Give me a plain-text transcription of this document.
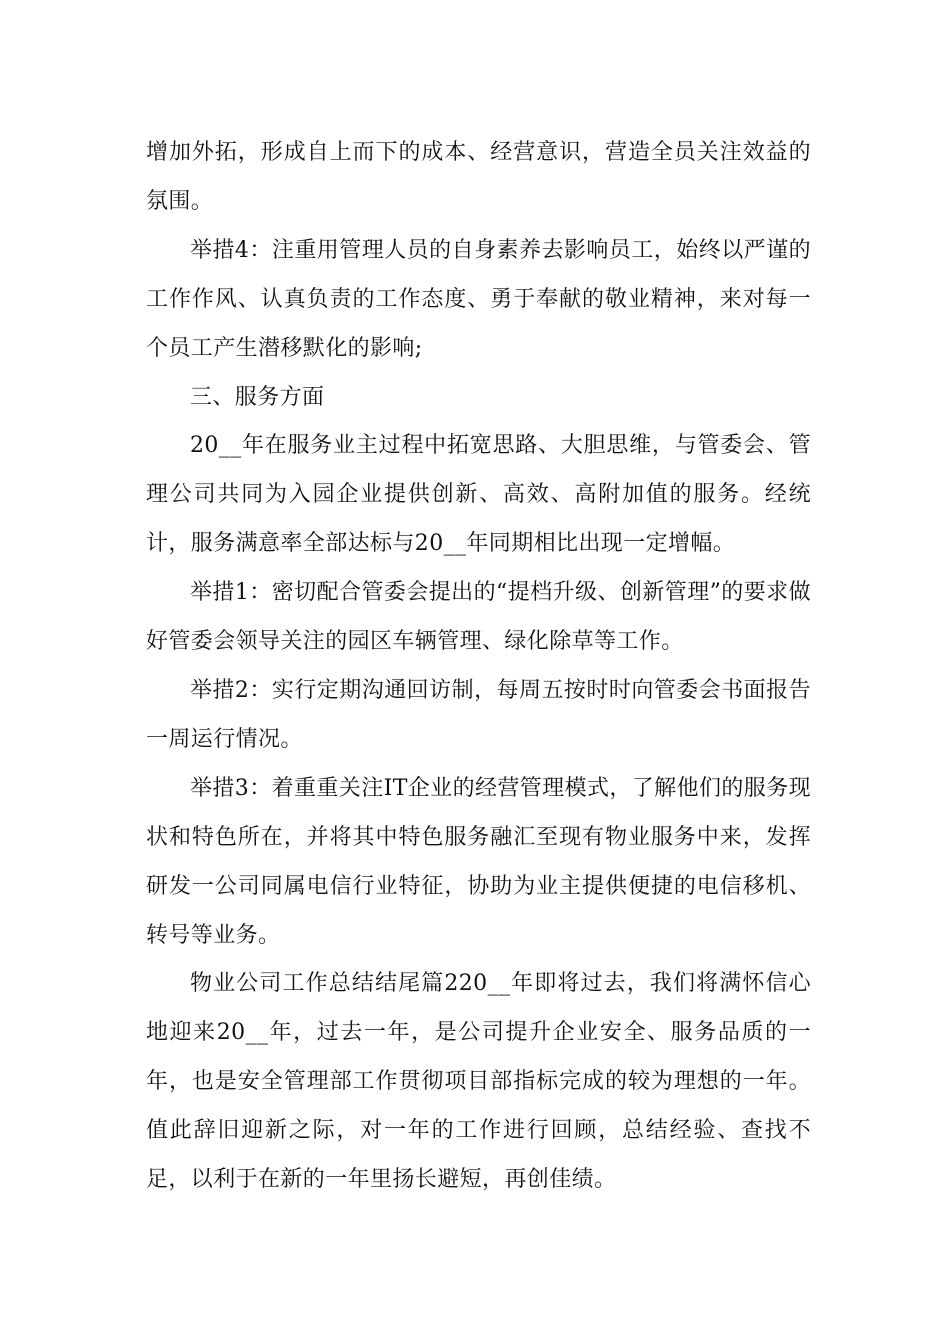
增加外拓，形成自上而下的成本、经营意识，营造全员关注效益的氛围。

举措4：注重用管理人员的自身素养去影响员工，始终以严谨的工作作风、认真负责的工作态度、勇于奉献的敬业精神，来对每一个员工产生潜移默化的影响;

三、服务方面

20__年在服务业主过程中拓宽思路、大胆思维，与管委会、管理公司共同为入园企业提供创新、高效、高附加值的服务。经统计，服务满意率全部达标与20__年同期相比出现一定增幅。

举措1：密切配合管委会提出的“提档升级、创新管理”的要求做好管委会领导关注的园区车辆管理、绿化除草等工作。

举措2：实行定期沟通回访制，每周五按时时向管委会书面报告一周运行情况。

举措3：着重重关注IT企业的经营管理模式，了解他们的服务现状和特色所在，并将其中特色服务融汇至现有物业服务中来，发挥研发一公司同属电信行业特征，协助为业主提供便捷的电信移机、转号等业务。

物业公司工作总结结尾篇220__年即将过去，我们将满怀信心地迎来20__年，过去一年，是公司提升企业安全、服务品质的一年，也是安全管理部工作贯彻项目部指标完成的较为理想的一年。值此辞旧迎新之际，对一年的工作进行回顾，总结经验、查找不足，以利于在新的一年里扬长避短，再创佳绩。
